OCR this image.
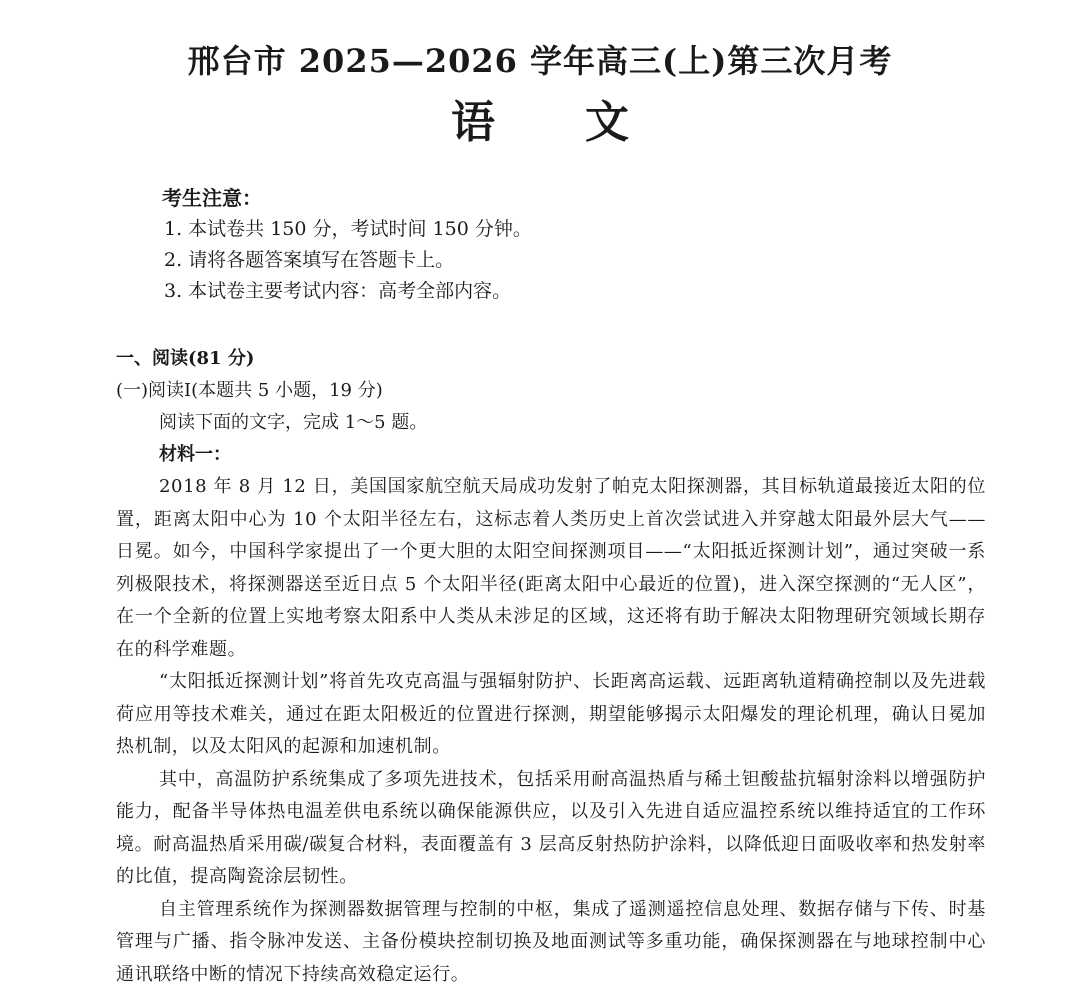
邢台市 2025—2026 学年高三(上)第三次月考
语文
考生注意：
1. 本试卷共 150 分，考试时间 150 分钟。
2. 请将各题答案填写在答题卡上。
3. 本试卷主要考试内容：高考全部内容。
一、阅读(81 分)
(一)阅读Ⅰ(本题共 5 小题，19 分)
阅读下面的文字，完成 1～5 题。
材料一：

2018 年 8 月 12 日，美国国家航空航天局成功发射了帕克太阳探测器，其目标轨道最接近太阳的位置，距离太阳中心为 10 个太阳半径左右，这标志着人类历史上首次尝试进入并穿越太阳最外层大气——日冕。如今，中国科学家提出了一个更大胆的太阳空间探测项目——“太阳抵近探测计划”，通过突破一系列极限技术，将探测器送至近日点 5 个太阳半径(距离太阳中心最近的位置)，进入深空探测的“无人区”，在一个全新的位置上实地考察太阳系中人类从未涉足的区域，这还将有助于解决太阳物理研究领域长期存在的科学难题。

“太阳抵近探测计划”将首先攻克高温与强辐射防护、长距离高运载、远距离轨道精确控制以及先进载荷应用等技术难关，通过在距太阳极近的位置进行探测，期望能够揭示太阳爆发的理论机理，确认日冕加热机制，以及太阳风的起源和加速机制。

其中，高温防护系统集成了多项先进技术，包括采用耐高温热盾与稀土钽酸盐抗辐射涂料以增强防护能力，配备半导体热电温差供电系统以确保能源供应，以及引入先进自适应温控系统以维持适宜的工作环境。耐高温热盾采用碳/碳复合材料，表面覆盖有 3 层高反射热防护涂料，以降低迎日面吸收率和热发射率的比值，提高陶瓷涂层韧性。

自主管理系统作为探测器数据管理与控制的中枢，集成了遥测遥控信息处理、数据存储与下传、时基管理与广播、指令脉冲发送、主备份模块控制切换及地面测试等多重功能，确保探测器在与地球控制中心通讯联络中断的情况下持续高效稳定运行。
